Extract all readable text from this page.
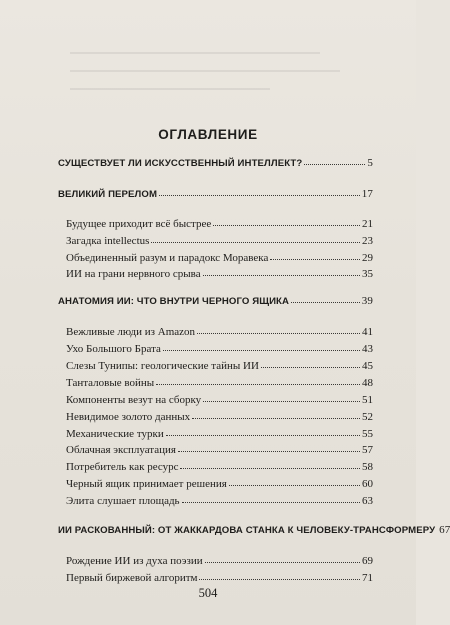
ОГЛАВЛЕНИЕ
СУЩЕСТВУЕТ ЛИ ИСКУССТВЕННЫЙ ИНТЕЛЛЕКТ?	5
ВЕЛИКИЙ ПЕРЕЛОМ	17
Будущее приходит всё быстрее	21
Загадка intellectus	23
Объединенный разум и парадокс Моравека	29
ИИ на грани нервного срыва	35
АНАТОМИЯ ИИ: ЧТО ВНУТРИ ЧЕРНОГО ЯЩИКА	39
Вежливые люди из Amazon	41
Ухо Большого Брата	43
Слезы Тунипы: геологические тайны ИИ	45
Танталовые войны	48
Компоненты везут на сборку	51
Невидимое золото данных	52
Механические турки	55
Облачная эксплуатация	57
Потребитель как ресурс	58
Черный ящик принимает решения	60
Элита слушает площадь	63
ИИ РАСКОВАННЫЙ: ОТ ЖАККАРДОВА СТАНКА К ЧЕЛОВЕКУ-ТРАНСФОРМЕРУ 67
Рождение ИИ из духа поэзии	69
Первый биржевой алгоритм	71
504
